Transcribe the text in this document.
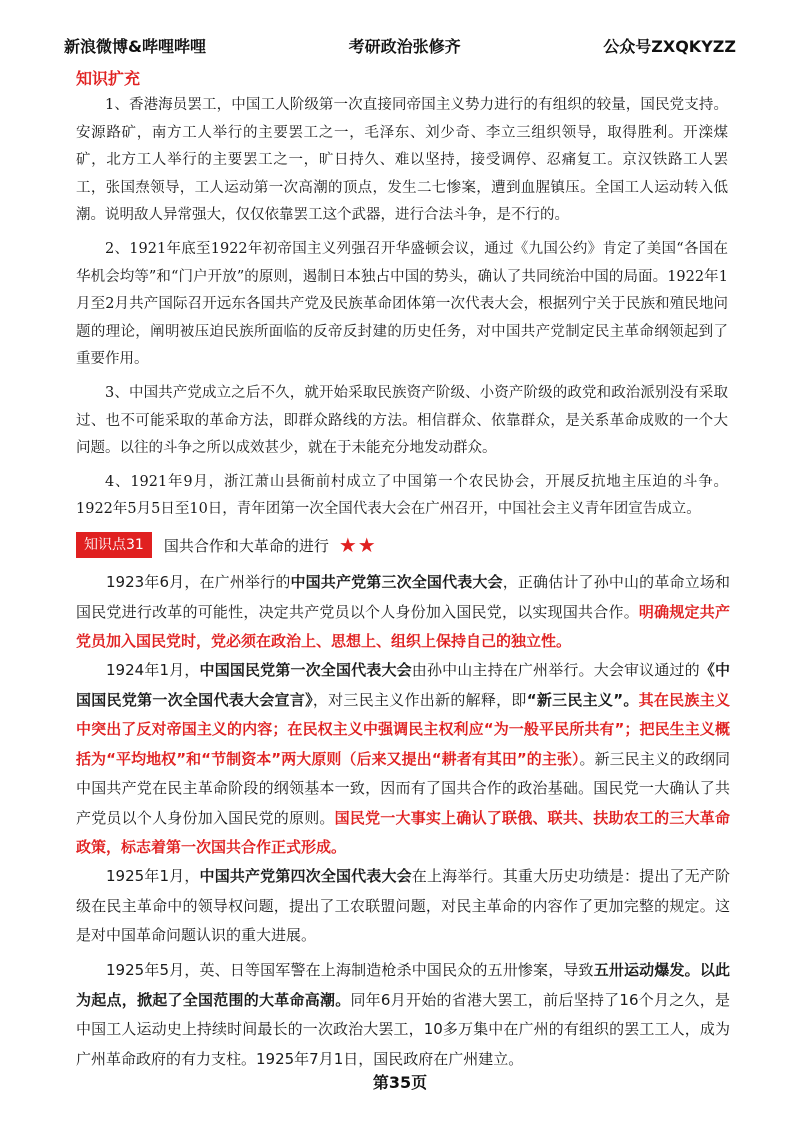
新浪微博&哔哩哔哩	考研政治张修齐	公众号ZXQKYZZ
知识扩充

1、香港海员罢工，中国工人阶级第一次直接同帝国主义势力进行的有组织的较量，国民党支持。安源路矿，南方工人举行的主要罢工之一，毛泽东、刘少奇、李立三组织领导，取得胜利。开滦煤矿，北方工人举行的主要罢工之一，旷日持久、难以坚持，接受调停、忍痛复工。京汉铁路工人罢工，张国焘领导，工人运动第一次高潮的顶点，发生二七惨案，遭到血腥镇压。全国工人运动转入低潮。说明敌人异常强大，仅仅依靠罢工这个武器，进行合法斗争，是不行的。

2、1921年底至1922年初帝国主义列强召开华盛顿会议，通过《九国公约》肯定了美国“各国在华机会均等”和“门户开放”的原则，遏制日本独占中国的势头，确认了共同统治中国的局面。1922年1月至2月共产国际召开远东各国共产党及民族革命团体第一次代表大会，根据列宁关于民族和殖民地问题的理论，阐明被压迫民族所面临的反帝反封建的历史任务，对中国共产党制定民主革命纲领起到了重要作用。

3、中国共产党成立之后不久，就开始采取民族资产阶级、小资产阶级的政党和政治派别没有采取过、也不可能采取的革命方法，即群众路线的方法。相信群众、依靠群众，是关系革命成败的一个大问题。以往的斗争之所以成效甚少，就在于未能充分地发动群众。

4、1921年9月，浙江萧山县衙前村成立了中国第一个农民协会，开展反抗地主压迫的斗争。1922年5月5日至10日，青年团第一次全国代表大会在广州召开，中国社会主义青年团宣告成立。

知识点31	国共合作和大革命的进行 ★★

1923年6月，在广州举行的中国共产党第三次全国代表大会，正确估计了孙中山的革命立场和国民党进行改革的可能性，决定共产党员以个人身份加入国民党，以实现国共合作。明确规定共产党员加入国民党时，党必须在政治上、思想上、组织上保持自己的独立性。

1924年1月，中国国民党第一次全国代表大会由孙中山主持在广州举行。大会审议通过的《中国国民党第一次全国代表大会宣言》，对三民主义作出新的解释，即“新三民主义”。其在民族主义中突出了反对帝国主义的内容；在民权主义中强调民主权利应“为一般平民所共有”；把民生主义概括为“平均地权”和“节制资本”两大原则（后来又提出“耕者有其田”的主张）。新三民主义的政纲同中国共产党在民主革命阶段的纲领基本一致，因而有了国共合作的政治基础。国民党一大确认了共产党员以个人身份加入国民党的原则。国民党一大事实上确认了联俄、联共、扶助农工的三大革命政策，标志着第一次国共合作正式形成。

1925年1月，中国共产党第四次全国代表大会在上海举行。其重大历史功绩是：提出了无产阶级在民主革命中的领导权问题，提出了工农联盟问题，对民主革命的内容作了更加完整的规定。这是对中国革命问题认识的重大进展。

1925年5月，英、日等国军警在上海制造枪杀中国民众的五卅惨案，导致五卅运动爆发。以此为起点，掀起了全国范围的大革命高潮。同年6月开始的省港大罢工，前后坚持了16个月之久，是中国工人运动史上持续时间最长的一次政治大罢工，10多万集中在广州的有组织的罢工工人，成为广州革命政府的有力支柱。1925年7月1日，国民政府在广州建立。

第35页
